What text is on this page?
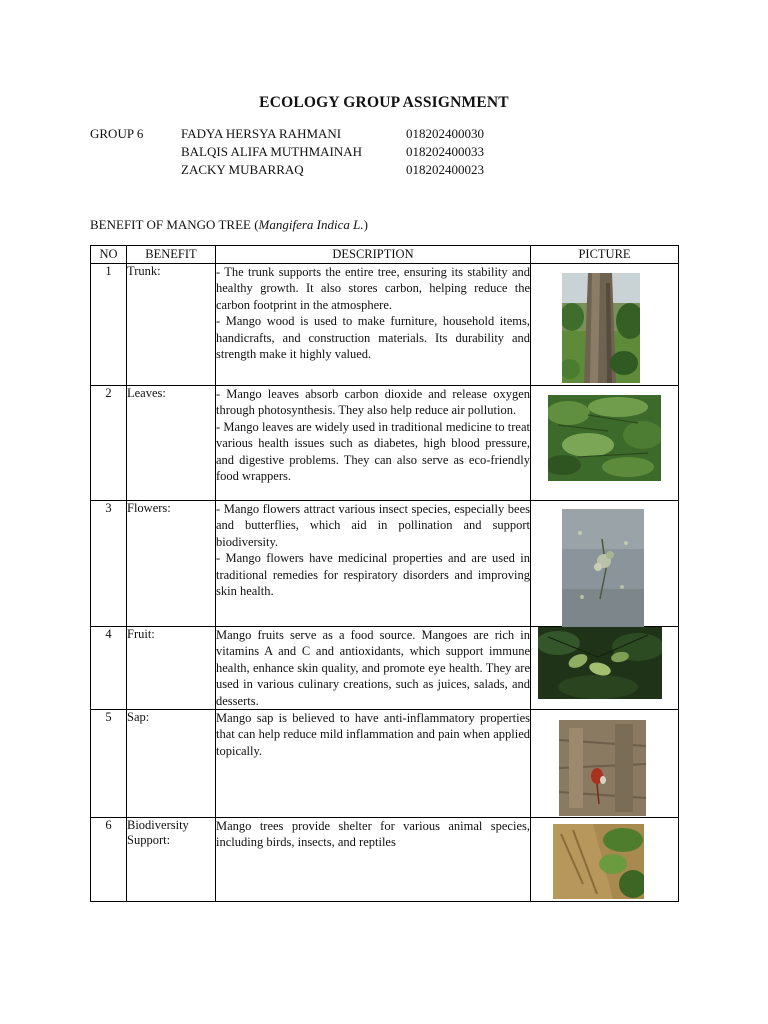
ECOLOGY GROUP ASSIGNMENT
GROUP 6	FADYA HERSYA RAHMANI	018202400030
BALQIS ALIFA MUTHMAINAH	018202400033
ZACKY MUBARRAQ	018202400023
BENEFIT OF MANGO TREE (Mangifera Indica L.)
NO	BENEFIT	DESCRIPTION	PICTURE
1	Trunk:	- The trunk supports the entire tree, ensuring its stability and healthy growth. It also stores carbon, helping reduce the carbon footprint in the atmosphere.
- Mango wood is used to make furniture, household items, handicrafts, and construction materials. Its durability and strength make it highly valued.

2	Leaves:	- Mango leaves absorb carbon dioxide and release oxygen through photosynthesis. They also help reduce air pollution.
- Mango leaves are widely used in traditional medicine to treat various health issues such as diabetes, high blood pressure, and digestive problems. They can also serve as eco-friendly food wrappers.

3	Flowers:	- Mango flowers attract various insect species, especially bees and butterflies, which aid in pollination and support biodiversity.
- Mango flowers have medicinal properties and are used in traditional remedies for respiratory disorders and improving skin health.

4	Fruit:	Mango fruits serve as a food source. Mangoes are rich in vitamins A and C and antioxidants, which support immune health, enhance skin quality, and promote eye health. They are used in various culinary creations, such as juices, salads, and desserts.

5	Sap:	Mango sap is believed to have anti-inflammatory properties that can help reduce mild inflammation and pain when applied topically.

6	Biodiversity Support:	Mango trees provide shelter for various animal species, including birds, insects, and reptiles
